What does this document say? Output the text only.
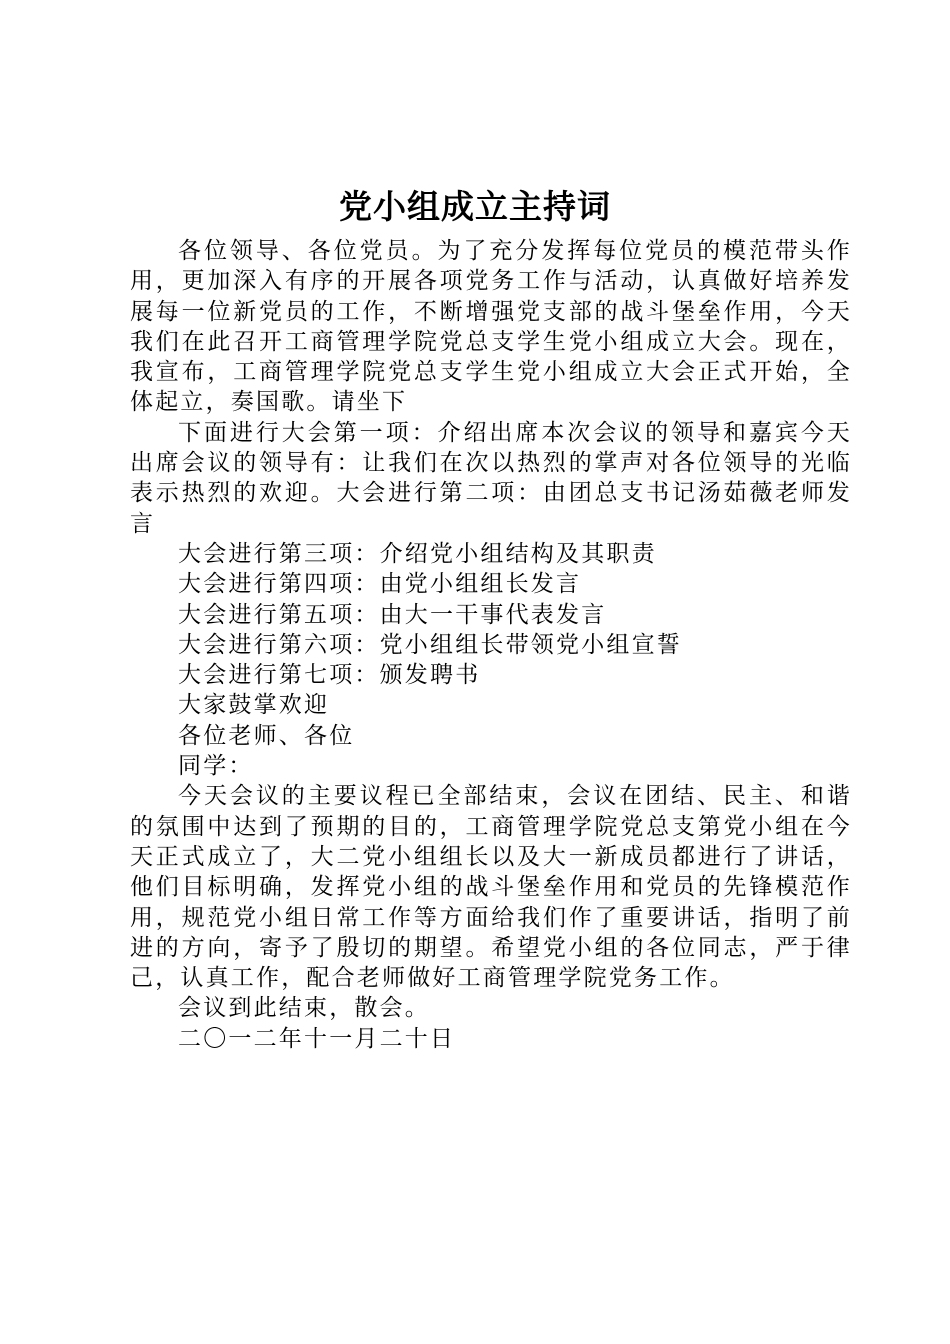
党小组成立主持词

各位领导、各位党员。为了充分发挥每位党员的模范带头作用，更加深入有序的开展各项党务工作与活动，认真做好培养发展每一位新党员的工作，不断增强党支部的战斗堡垒作用，今天我们在此召开工商管理学院党总支学生党小组成立大会。现在，我宣布，工商管理学院党总支学生党小组成立大会正式开始，全体起立，奏国歌。请坐下

下面进行大会第一项：介绍出席本次会议的领导和嘉宾今天出席会议的领导有：让我们在次以热烈的掌声对各位领导的光临表示热烈的欢迎。大会进行第二项：由团总支书记汤茹薇老师发言

大会进行第三项：介绍党小组结构及其职责

大会进行第四项：由党小组组长发言

大会进行第五项：由大一干事代表发言

大会进行第六项：党小组组长带领党小组宣誓

大会进行第七项：颁发聘书

大家鼓掌欢迎

各位老师、各位

同学：

今天会议的主要议程已全部结束，会议在团结、民主、和谐的氛围中达到了预期的目的，工商管理学院党总支第党小组在今天正式成立了，大二党小组组长以及大一新成员都进行了讲话，他们目标明确，发挥党小组的战斗堡垒作用和党员的先锋模范作用，规范党小组日常工作等方面给我们作了重要讲话，指明了前进的方向，寄予了殷切的期望。希望党小组的各位同志，严于律己，认真工作，配合老师做好工商管理学院党务工作。

会议到此结束，散会。

二〇一二年十一月二十日
